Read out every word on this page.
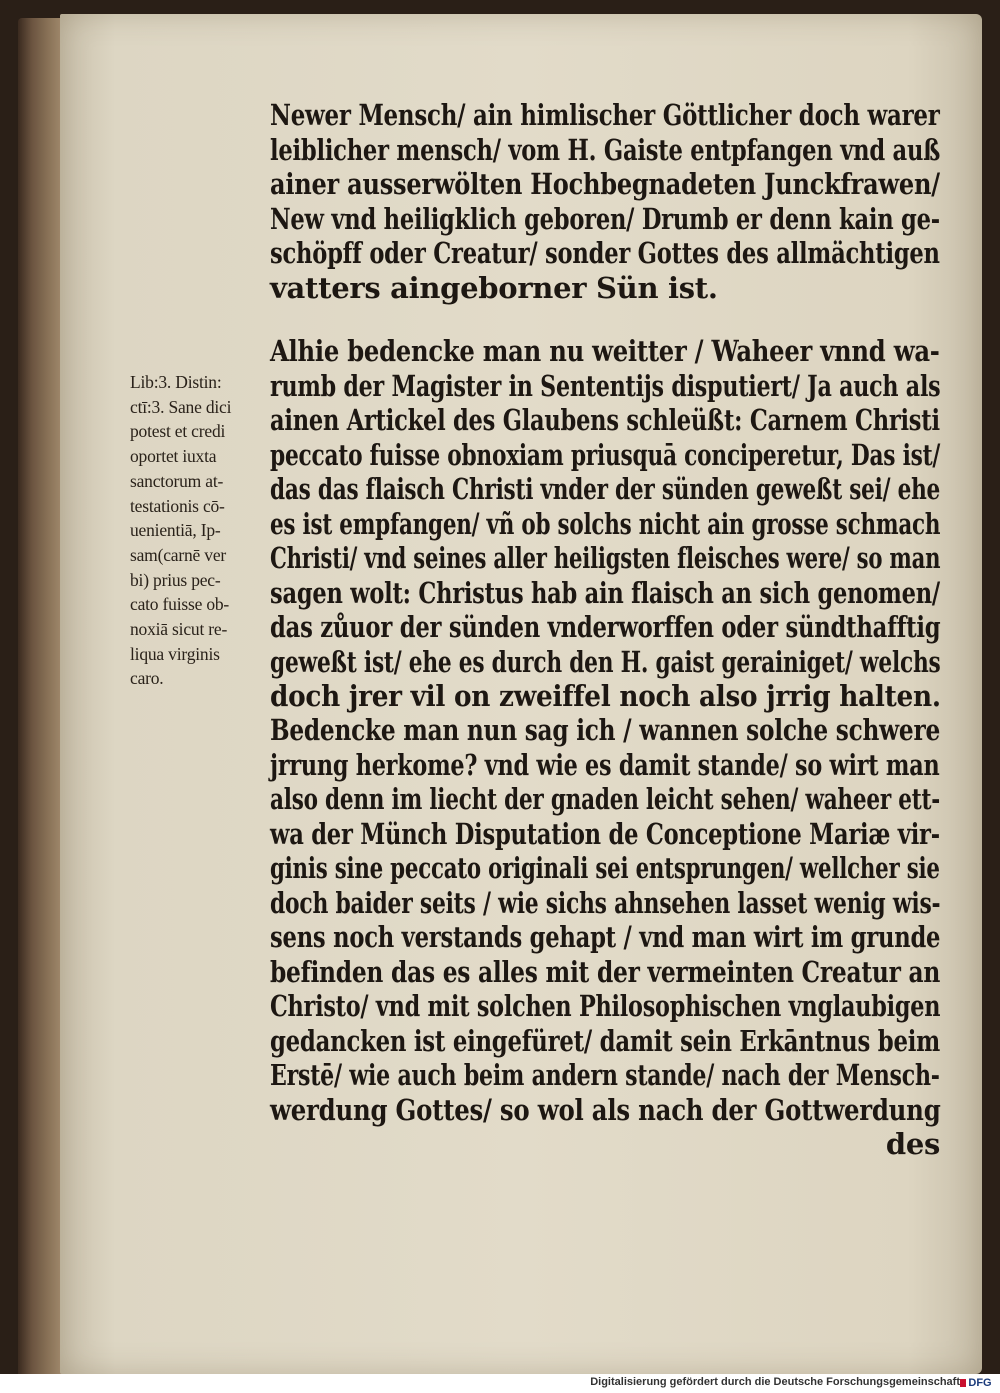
Newer Mensch/ ain himlischer Göttlicher doch warer
leiblicher mensch/ vom H. Gaiste entpfangen vnd auß
ainer ausserwölten Hochbegnadeten Junckfrawen/
New vnd heiligklich geboren/ Drumb er denn kain ge-
schöpff oder Creatur/ sonder Gottes des allmächtigen
vatters aingeborner Sün ist.
Alhie bedencke man nu weitter / Waheer vnnd wa-
rumb der Magister in Sententijs disputiert/ Ja auch als
ainen Artickel des Glaubens schleüßt: Carnem Christi
peccato fuisse obnoxiam priusquā conciperetur, Das ist/
das das flaisch Christi vnder der sünden geweßt sei/ ehe
es ist empfangen/ vñ ob solchs nicht ain grosse schmach
Christi/ vnd seines aller heiligsten fleisches were/ so man
sagen wolt: Christus hab ain flaisch an sich genomen/
das zůuor der sünden vnderworffen oder sündthafftig
geweßt ist/ ehe es durch den H. gaist gerainiget/ welchs
doch jrer vil on zweiffel noch also jrrig halten.
Bedencke man nun sag ich / wannen solche schwere
jrrung herkome? vnd wie es damit stande/ so wirt man
also denn im liecht der gnaden leicht sehen/ waheer ett-
wa der Münch Disputation de Conceptione Mariæ vir-
ginis sine peccato originali sei entsprungen/ wellcher sie
doch baider seits / wie sichs ahnsehen lasset wenig wis-
sens noch verstands gehapt / vnd man wirt im grunde
befinden das es alles mit der vermeinten Creatur an
Christo/ vnd mit solchen Philosophischen vnglaubigen
gedancken ist eingefüret/ damit sein Erkāntnus beim
Erstē/ wie auch beim andern stande/ nach der Mensch-
werdung Gottes/ so wol als nach der Gottwerdung
des
Lib:3. Distin:
ctī:3. Sane dici
potest et credi
oportet iuxta
sanctorum at-
testationis cō-
uenientiā, Ip-
sam(carnē ver
bi) prius pec-
cato fuisse ob-
noxiā sicut re-
liqua virginis
caro.
Digitalisierung gefördert durch die Deutsche Forschungsgemeinschaft DFG
